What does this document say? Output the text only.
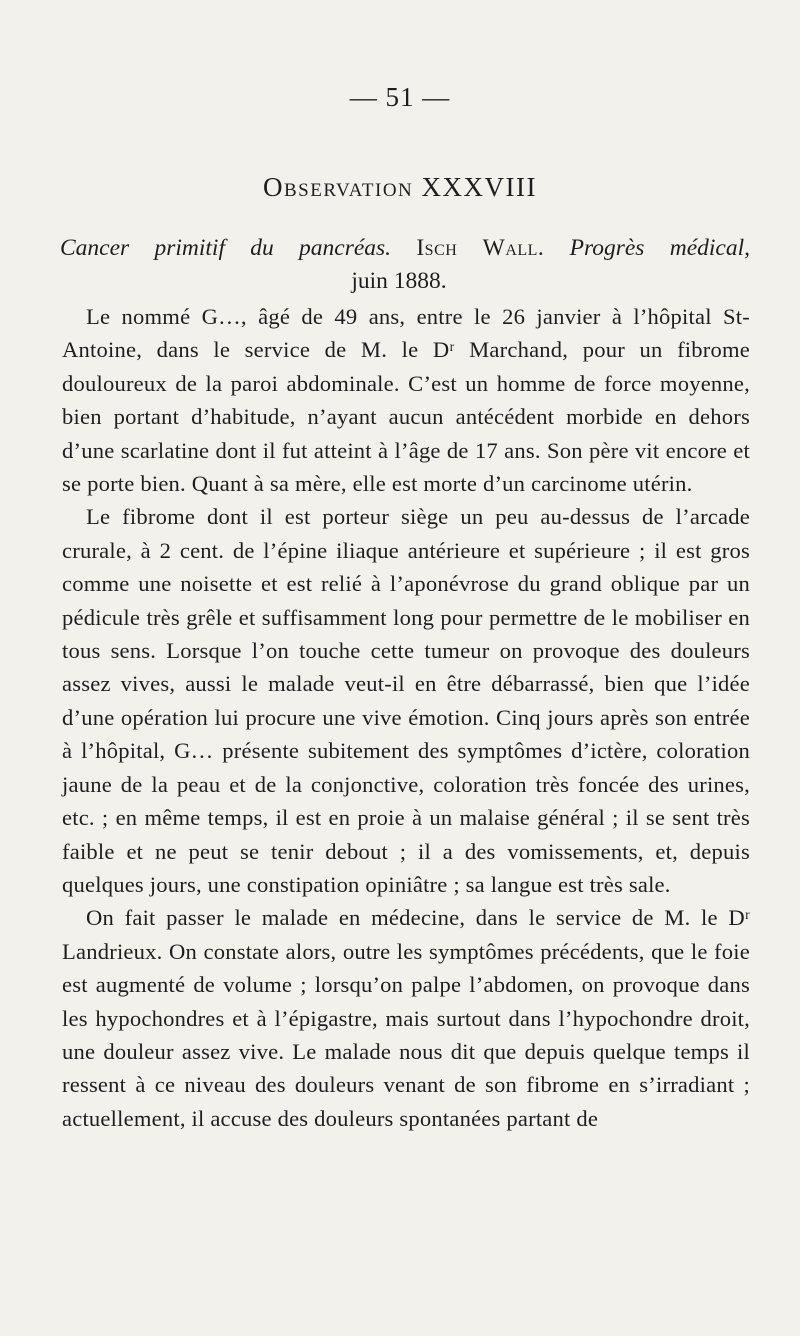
— 51 —
Observation XXXVIII
Cancer primitif du pancréas. Isch Wall. Progrès médical,
juin 1888.
Le nommé G…, âgé de 49 ans, entre le 26 janvier à l’hôpital St-Antoine, dans le service de M. le Dʳ Marchand, pour un fibrome douloureux de la paroi abdominale. C’est un homme de force moyenne, bien portant d’habitude, n’ayant aucun antécédent morbide en dehors d’une scarlatine dont il fut atteint à l’âge de 17 ans. Son père vit encore et se porte bien. Quant à sa mère, elle est morte d’un carcinome utérin.
Le fibrome dont il est porteur siège un peu au-dessus de l’arcade crurale, à 2 cent. de l’épine iliaque antérieure et supérieure ; il est gros comme une noisette et est relié à l’aponévrose du grand oblique par un pédicule très grêle et suffisamment long pour permettre de le mobiliser en tous sens. Lorsque l’on touche cette tumeur on provoque des douleurs assez vives, aussi le malade veut-il en être débarrassé, bien que l’idée d’une opération lui procure une vive émotion. Cinq jours après son entrée à l’hôpital, G… présente subitement des symptômes d’ictère, coloration jaune de la peau et de la conjonctive, coloration très foncée des urines, etc. ; en même temps, il est en proie à un malaise général ; il se sent très faible et ne peut se tenir debout ; il a des vomissements, et, depuis quelques jours, une constipation opiniâtre ; sa langue est très sale.
On fait passer le malade en médecine, dans le service de M. le Dʳ Landrieux. On constate alors, outre les symptômes précédents, que le foie est augmenté de volume ; lorsqu’on palpe l’abdomen, on provoque dans les hypochondres et à l’épigastre, mais surtout dans l’hypochondre droit, une douleur assez vive. Le malade nous dit que depuis quelque temps il ressent à ce niveau des douleurs venant de son fibrome en s’irradiant ; actuellement, il accuse des douleurs spontanées partant de
